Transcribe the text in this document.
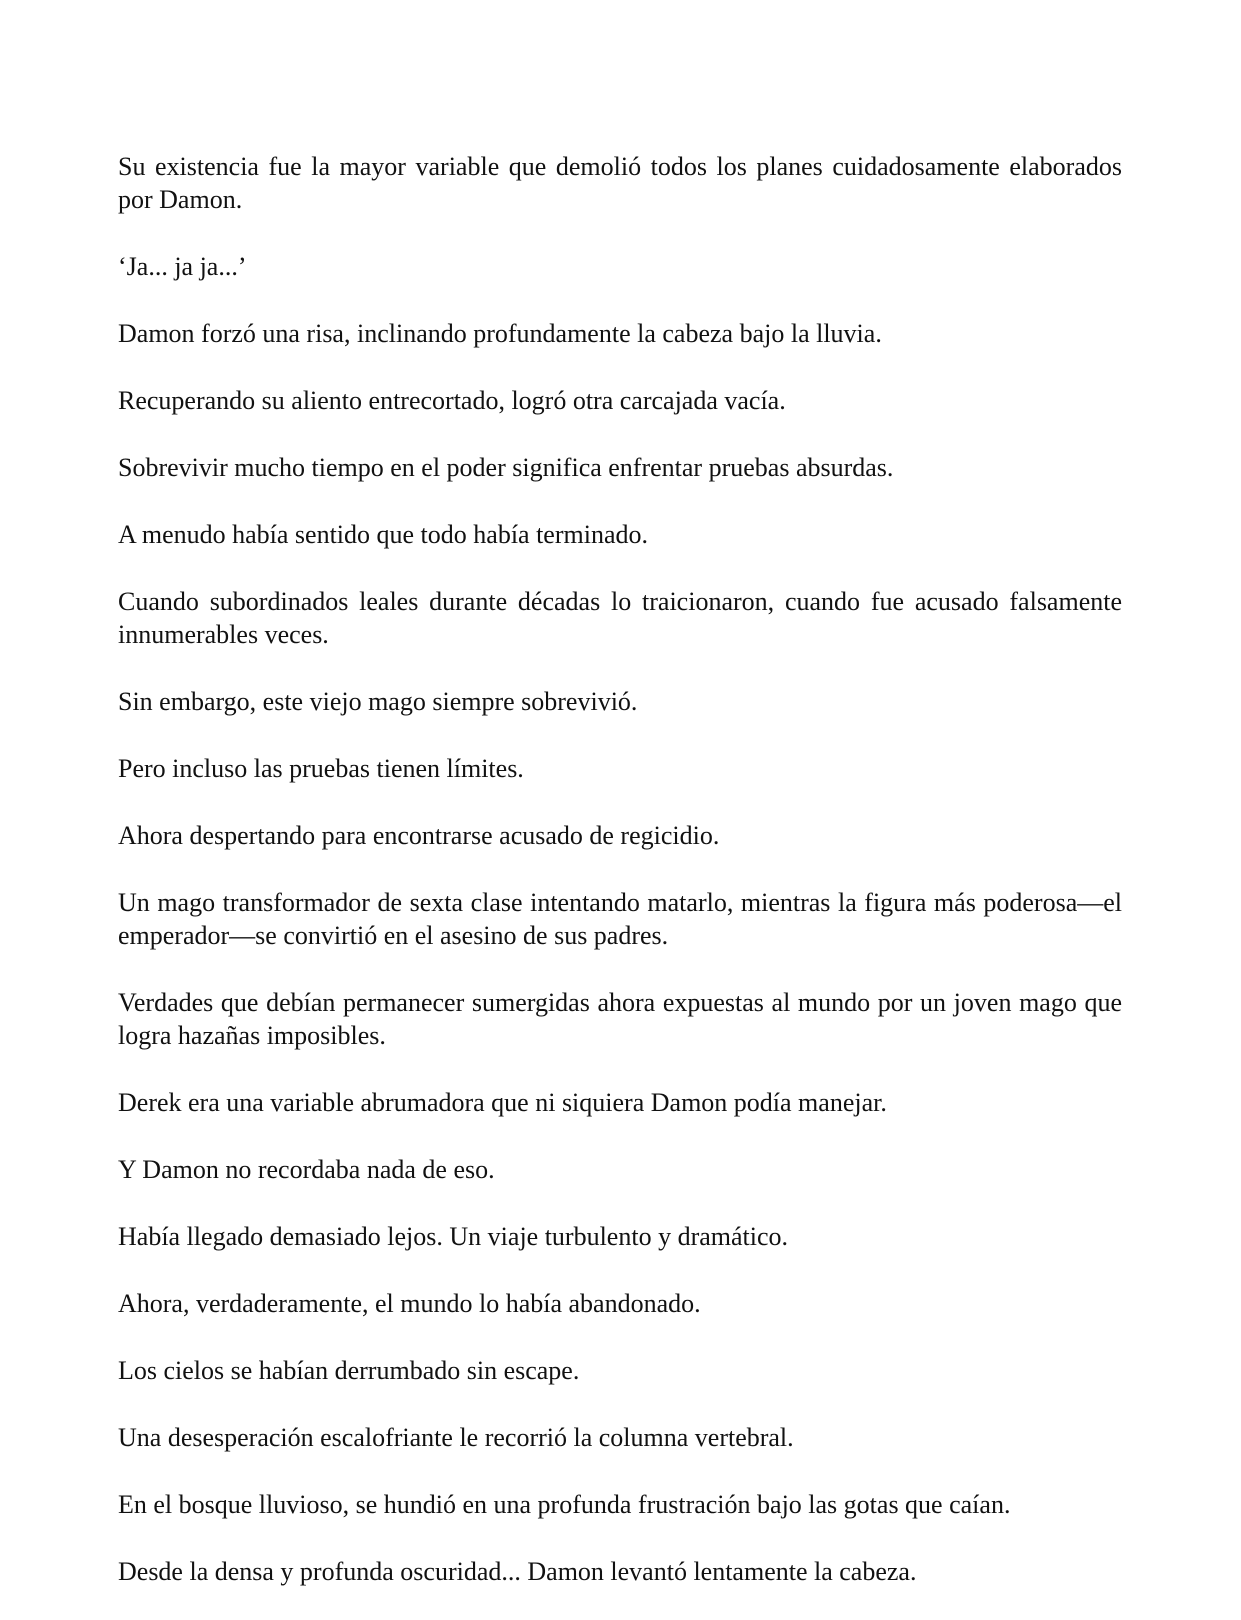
Su existencia fue la mayor variable que demolió todos los planes cuidadosamente elaborados por Damon.

‘Ja... ja ja...’

Damon forzó una risa, inclinando profundamente la cabeza bajo la lluvia.

Recuperando su aliento entrecortado, logró otra carcajada vacía.

Sobrevivir mucho tiempo en el poder significa enfrentar pruebas absurdas.

A menudo había sentido que todo había terminado.

Cuando subordinados leales durante décadas lo traicionaron, cuando fue acusado falsamente innumerables veces.

Sin embargo, este viejo mago siempre sobrevivió.

Pero incluso las pruebas tienen límites.

Ahora despertando para encontrarse acusado de regicidio.

Un mago transformador de sexta clase intentando matarlo, mientras la figura más poderosa—el emperador—se convirtió en el asesino de sus padres.

Verdades que debían permanecer sumergidas ahora expuestas al mundo por un joven mago que logra hazañas imposibles.

Derek era una variable abrumadora que ni siquiera Damon podía manejar.

Y Damon no recordaba nada de eso.

Había llegado demasiado lejos. Un viaje turbulento y dramático.

Ahora, verdaderamente, el mundo lo había abandonado.

Los cielos se habían derrumbado sin escape.

Una desesperación escalofriante le recorrió la columna vertebral.

En el bosque lluvioso, se hundió en una profunda frustración bajo las gotas que caían.

Desde la densa y profunda oscuridad... Damon levantó lentamente la cabeza.
